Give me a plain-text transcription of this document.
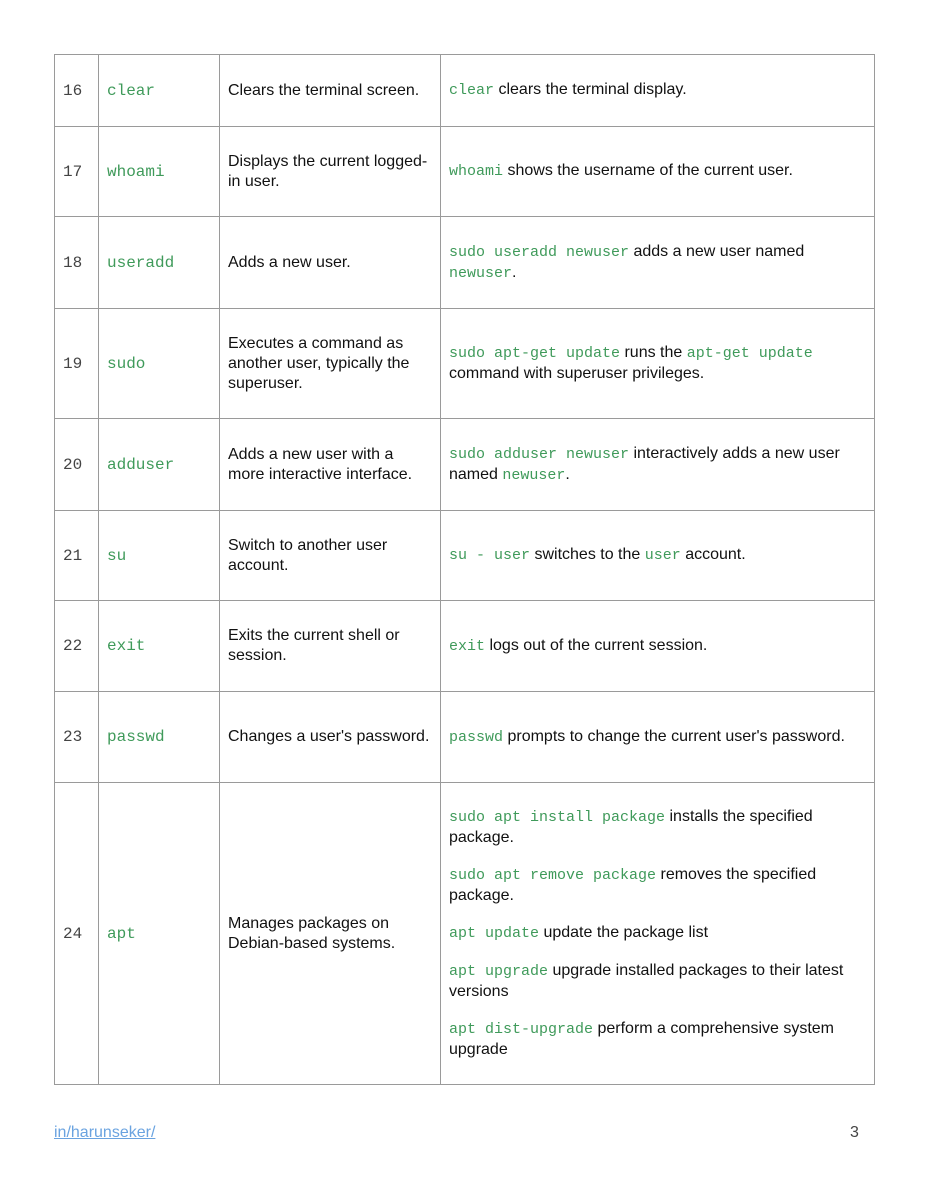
16	clear	Clears the terminal screen.	clear clears the terminal display.

17	whoami	Displays the current logged-in user.	whoami shows the username of the current user.

18	useradd	Adds a new user.	sudo useradd newuser adds a new user named newuser.

19	sudo	Executes a command as another user, typically the superuser.	sudo apt-get update runs the apt-get update command with superuser privileges.

20	adduser	Adds a new user with a more interactive interface.	sudo adduser newuser interactively adds a new user named newuser.

21	su	Switch to another user account.	su - user switches to the user account.

22	exit	Exits the current shell or session.	exit logs out of the current session.

23	passwd	Changes a user's password.	passwd prompts to change the current user's password.

24	apt	Manages packages on Debian-based systems.	sudo apt install package installs the specified package.

sudo apt remove package removes the specified package.

apt update update the package list

apt upgrade upgrade installed packages to their latest versions

apt dist-upgrade perform a comprehensive system upgrade

in/harunseker/	3
